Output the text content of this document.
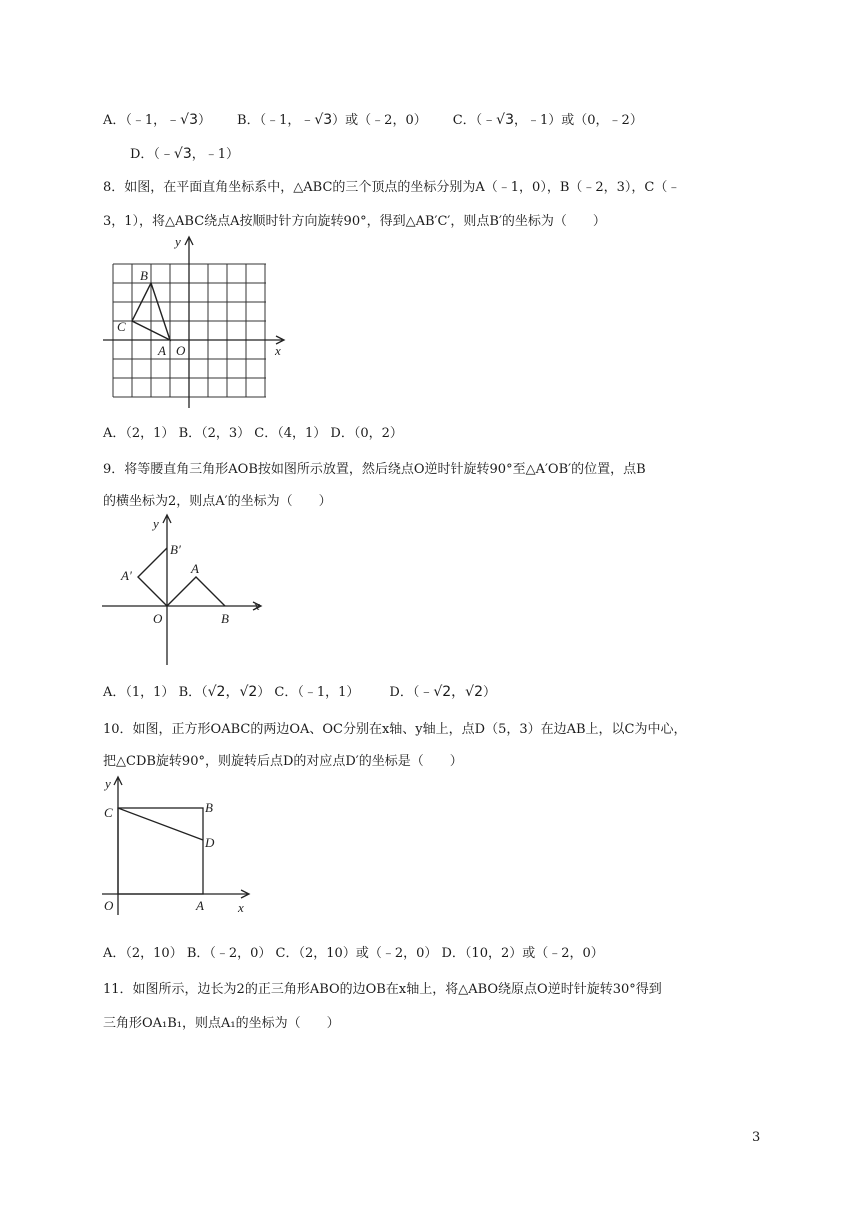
A．（﹣1，﹣√3） B．（﹣1，﹣√3）或（﹣2，0） C．（﹣√3，﹣1）或（0，﹣2）
D．（﹣√3，﹣1）
8．如图，在平面直角坐标系中，△ABC的三个顶点的坐标分别为A（﹣1，0），B（﹣2，3），C（﹣
3，1），将△ABC绕点A按顺时针方向旋转90°，得到△AB′C′，则点B′的坐标为（　　）
y
x
B
C
A O
A．（2，1） B．（2，3） C．（4，1） D．（0，2）
9．将等腰直角三角形AOB按如图所示放置，然后绕点O逆时针旋转90°至△A′OB′的位置，点B
的横坐标为2，则点A′的坐标为（　　）
y
x
B′
A′	A
O	B
A．（1，1） B．（√2，√2） C．（﹣1，1） D．（﹣√2，√2）
10．如图，正方形OABC的两边OA、OC分别在x轴、y轴上，点D（5，3）在边AB上，以C为中心，
把△CDB旋转90°，则旋转后点D的对应点D′的坐标是（　　）
y
x
C	B
D
O	A
A．（2，10） B．（﹣2，0） C．（2，10）或（﹣2，0） D．（10，2）或（﹣2，0）
11．如图所示，边长为2的正三角形ABO的边OB在x轴上，将△ABO绕原点O逆时针旋转30°得到
三角形OA₁B₁，则点A₁的坐标为（　　）
3
